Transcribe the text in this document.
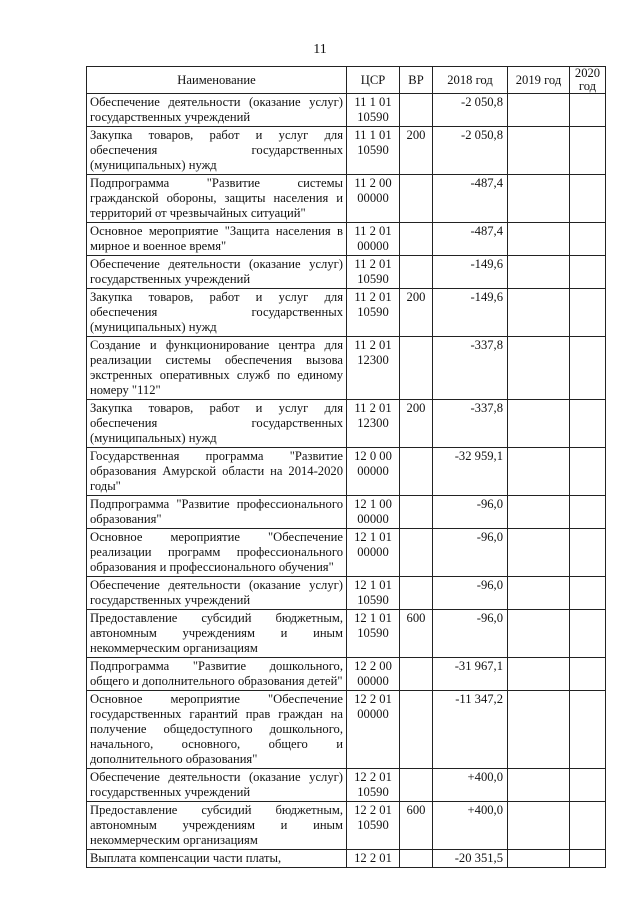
11
Наименование	ЦСР	ВР	2018 год	2019 год	2020 год
Обеспечение деятельности (оказание услуг) государственных учреждений	11 1 01 10590		-2 050,8		
Закупка товаров, работ и услуг для обеспечения государственных (муниципальных) нужд	11 1 01 10590	200	-2 050,8		
Подпрограмма "Развитие системы гражданской обороны, защиты населения и территорий от чрезвычайных ситуаций"	11 2 00 00000		-487,4		
Основное мероприятие "Защита населения в мирное и военное время"	11 2 01 00000		-487,4		
Обеспечение деятельности (оказание услуг) государственных учреждений	11 2 01 10590		-149,6		
Закупка товаров, работ и услуг для обеспечения государственных (муниципальных) нужд	11 2 01 10590	200	-149,6		
Создание и функционирование центра для реализации системы обеспечения вызова экстренных оперативных служб по единому номеру "112"	11 2 01 12300		-337,8		
Закупка товаров, работ и услуг для обеспечения государственных (муниципальных) нужд	11 2 01 12300	200	-337,8		
Государственная программа "Развитие образования Амурской области на 2014-2020 годы"	12 0 00 00000		-32 959,1		
Подпрограмма "Развитие профессионального образования"	12 1 00 00000		-96,0		
Основное мероприятие "Обеспечение реализации программ профессионального образования и профессионального обучения"	12 1 01 00000		-96,0		
Обеспечение деятельности (оказание услуг) государственных учреждений	12 1 01 10590		-96,0		
Предоставление субсидий бюджетным, автономным учреждениям и иным некоммерческим организациям	12 1 01 10590	600	-96,0		
Подпрограмма "Развитие дошкольного, общего и дополнительного образования детей"	12 2 00 00000		-31 967,1		
Основное мероприятие "Обеспечение государственных гарантий прав граждан на получение общедоступного дошкольного, начального, основного, общего и дополнительного образования"	12 2 01 00000		-11 347,2		
Обеспечение деятельности (оказание услуг) государственных учреждений	12 2 01 10590		+400,0		
Предоставление субсидий бюджетным, автономным учреждениям и иным некоммерческим организациям	12 2 01 10590	600	+400,0		
Выплата компенсации части платы,	12 2 01		-20 351,5		
